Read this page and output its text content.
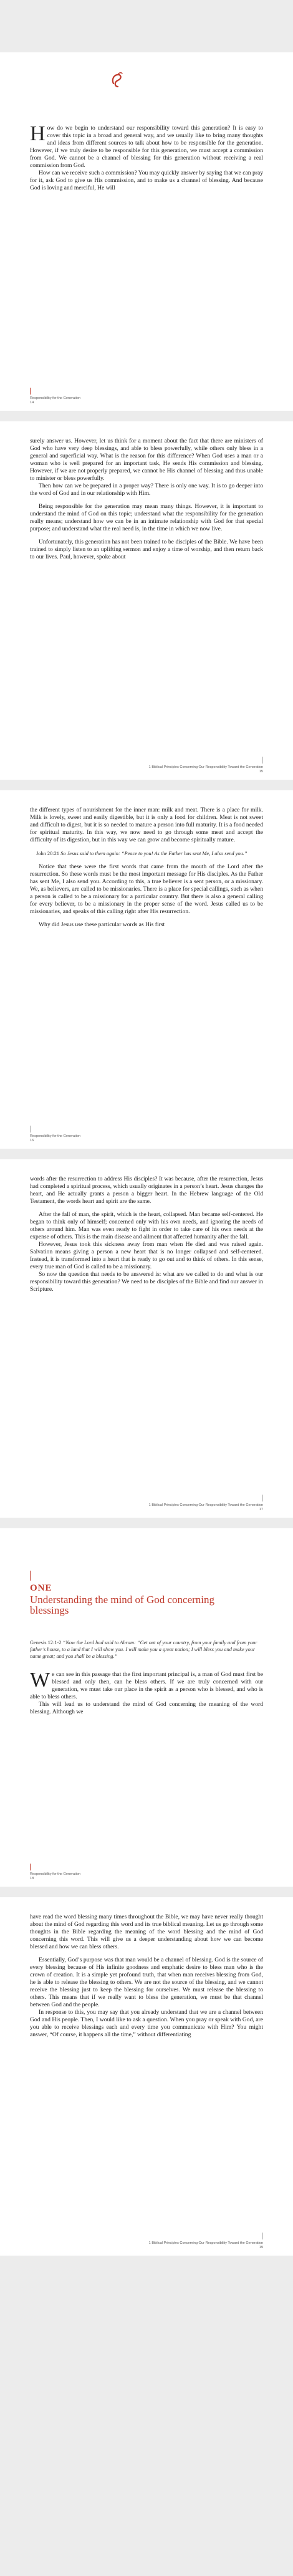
How do we begin to understand our responsibility toward this generation? It is easy to cover this topic in a broad and general way, and we usually like to bring many thoughts and ideas from different sources to talk about how to be responsible for the generation. However, if we truly desire to be responsible for this generation, we must accept a commission from God. We cannot be a channel of blessing for this generation without receiving a real commission from God.

How can we receive such a commission? You may quickly answer by saying that we can pray for it, ask God to give us His commission, and to make us a channel of blessing. And because God is loving and merciful, He will

Responsibility for the Generation
14

surely answer us. However, let us think for a moment about the fact that there are ministers of God who have very deep blessings, and able to bless powerfully, while others only bless in a general and superficial way. What is the reason for this difference? When God uses a man or a woman who is well prepared for an important task, He sends His commission and blessing. However, if we are not properly prepared, we cannot be His channel of blessing and thus unable to minister or bless powerfully.

Then how can we be prepared in a proper way? There is only one way. It is to go deeper into the word of God and in our relationship with Him.

Being responsible for the generation may mean many things. However, it is important to understand the mind of God on this topic; understand what the responsibility for the generation really means; understand how we can be in an intimate relationship with God for that special purpose; and understand what the real need is, in the time in which we now live.

Unfortunately, this generation has not been trained to be disciples of the Bible. We have been trained to simply listen to an uplifting sermon and enjoy a time of worship, and then return back to our lives. Paul, however, spoke about

1 Biblical Principles Concerning Our Responsibility Toward the Generation
15

the different types of nourishment for the inner man: milk and meat. There is a place for milk. Milk is lovely, sweet and easily digestible, but it is only a food for children. Meat is not sweet and difficult to digest, but it is so needed to mature a person into full maturity. It is a food needed for spiritual maturity. In this way, we now need to go through some meat and accept the difficulty of its digestion, but in this way we can grow and become spiritually mature.

John 20:21 So Jesus said to them again: “Peace to you! As the Father has sent Me, I also send you.”

Notice that these were the first words that came from the mouth of the Lord after the resurrection. So these words must be the most important message for His disciples. As the Father has sent Me, I also send you. According to this, a true believer is a sent person, or a missionary. We, as believers, are called to be missionaries. There is a place for special callings, such as when a person is called to be a missionary for a particular country. But there is also a general calling for every believer, to be a missionary in the proper sense of the word. Jesus called us to be missionaries, and speaks of this calling right after His resurrection.

Why did Jesus use these particular words as His first

Responsibility for the Generation
16

words after the resurrection to address His disciples? It was because, after the resurrection, Jesus had completed a spiritual process, which usually originates in a person’s heart. Jesus changes the heart, and He actually grants a person a bigger heart. In the Hebrew language of the Old Testament, the words heart and spirit are the same.

After the fall of man, the spirit, which is the heart, collapsed. Man became self-centered. He began to think only of himself; concerned only with his own needs, and ignoring the needs of others around him. Man was even ready to fight in order to take care of his own needs at the expense of others. This is the main disease and ailment that affected humanity after the fall.

However, Jesus took this sickness away from man when He died and was raised again. Salvation means giving a person a new heart that is no longer collapsed and self-centered. Instead, it is transformed into a heart that is ready to go out and to think of others. In this sense, every true man of God is called to be a missionary.

So now the question that needs to be answered is: what are we called to do and what is our responsibility toward this generation? We need to be disciples of the Bible and find our answer in Scripture.

1 Biblical Principles Concerning Our Responsibility Toward the Generation
17
ONE
Understanding the mind of God concerning blessings

Genesis 12:1-2 “Now the Lord had said to Abram: “Get out of your country, from your family and from your father’s house, to a land that I will show you. I will make you a great nation; I will bless you and make your name great; and you shall be a blessing.”

We can see in this passage that the first important principal is, a man of God must first be blessed and only then, can he bless others. If we are truly concerned with our generation, we must take our place in the spirit as a person who is blessed, and who is able to bless others.

This will lead us to understand the mind of God concerning the meaning of the word blessing. Although we

Responsibility for the Generation
18

have read the word blessing many times throughout the Bible, we may have never really thought about the mind of God regarding this word and its true biblical meaning. Let us go through some thoughts in the Bible regarding the meaning of the word blessing and the mind of God concerning this word. This will give us a deeper understanding about how we can become blessed and how we can bless others.

Essentially, God’s purpose was that man would be a channel of blessing. God is the source of every blessing because of His infinite goodness and emphatic desire to bless man who is the crown of creation. It is a simple yet profound truth, that when man receives blessing from God, he is able to release the blessing to others. We are not the source of the blessing, and we cannot receive the blessing just to keep the blessing for ourselves. We must release the blessing to others. This means that if we really want to bless the generation, we must be that channel between God and the people.

In response to this, you may say that you already understand that we are a channel between God and His people. Then, I would like to ask a question. When you pray or speak with God, are you able to receive blessings each and every time you communicate with Him? You might answer, “Of course, it happens all the time,” without differentiating

1 Biblical Principles Concerning Our Responsibility Toward the Generation
19
